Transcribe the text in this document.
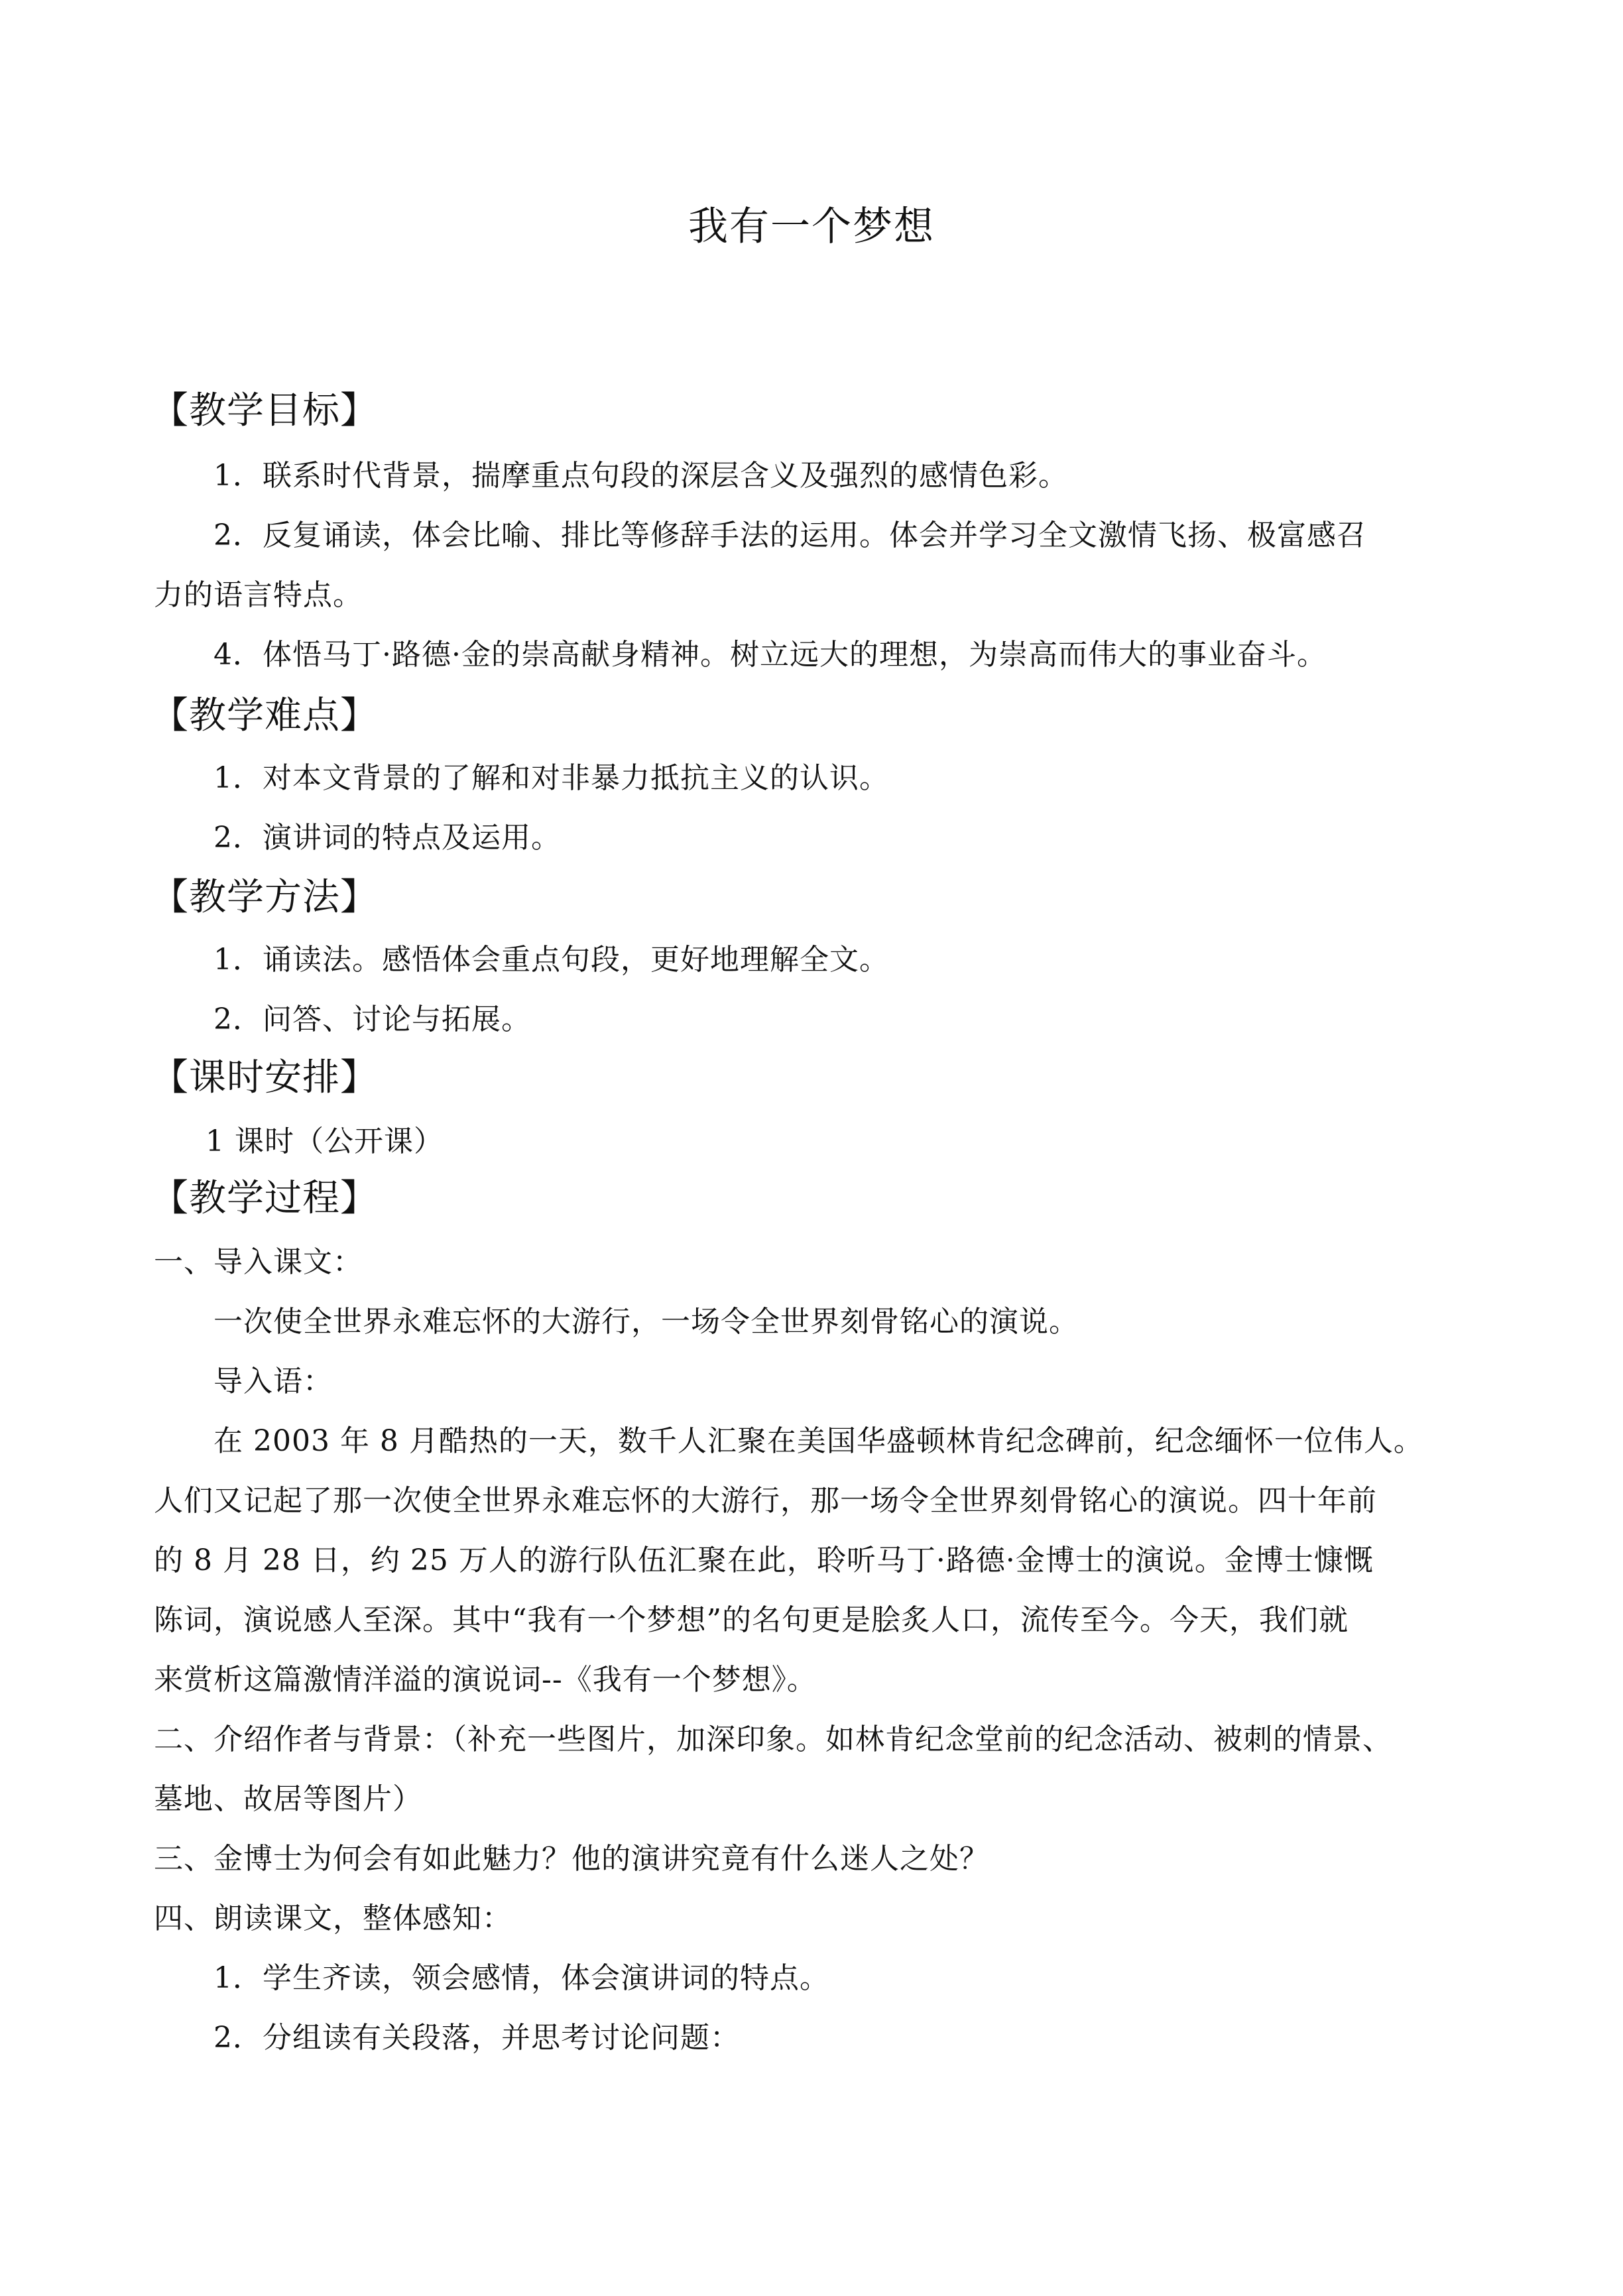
我有一个梦想
【教学目标】
1．联系时代背景，揣摩重点句段的深层含义及强烈的感情色彩。
2．反复诵读，体会比喻、排比等修辞手法的运用。体会并学习全文激情飞扬、极富感召
力的语言特点。
4．体悟马丁·路德·金的崇高献身精神。树立远大的理想，为崇高而伟大的事业奋斗。
【教学难点】
1．对本文背景的了解和对非暴力抵抗主义的认识。
2．演讲词的特点及运用。
【教学方法】
1．诵读法。感悟体会重点句段，更好地理解全文。
2．问答、讨论与拓展。
【课时安排】
1 课时（公开课）
【教学过程】
一、导入课文：
一次使全世界永难忘怀的大游行，一场令全世界刻骨铭心的演说。
导入语：
在 2003 年 8 月酷热的一天，数千人汇聚在美国华盛顿林肯纪念碑前，纪念缅怀一位伟人。
人们又记起了那一次使全世界永难忘怀的大游行，那一场令全世界刻骨铭心的演说。四十年前
的 8 月 28 日，约 25 万人的游行队伍汇聚在此，聆听马丁·路德·金博士的演说。金博士慷慨
陈词，演说感人至深。其中“我有一个梦想”的名句更是脍炙人口，流传至今。今天，我们就
来赏析这篇激情洋溢的演说词--《我有一个梦想》。
二、介绍作者与背景：（补充一些图片，加深印象。如林肯纪念堂前的纪念活动、被刺的情景、
墓地、故居等图片）
三、金博士为何会有如此魅力？他的演讲究竟有什么迷人之处？
四、朗读课文，整体感知：
1．学生齐读，领会感情，体会演讲词的特点。
2．分组读有关段落，并思考讨论问题：
